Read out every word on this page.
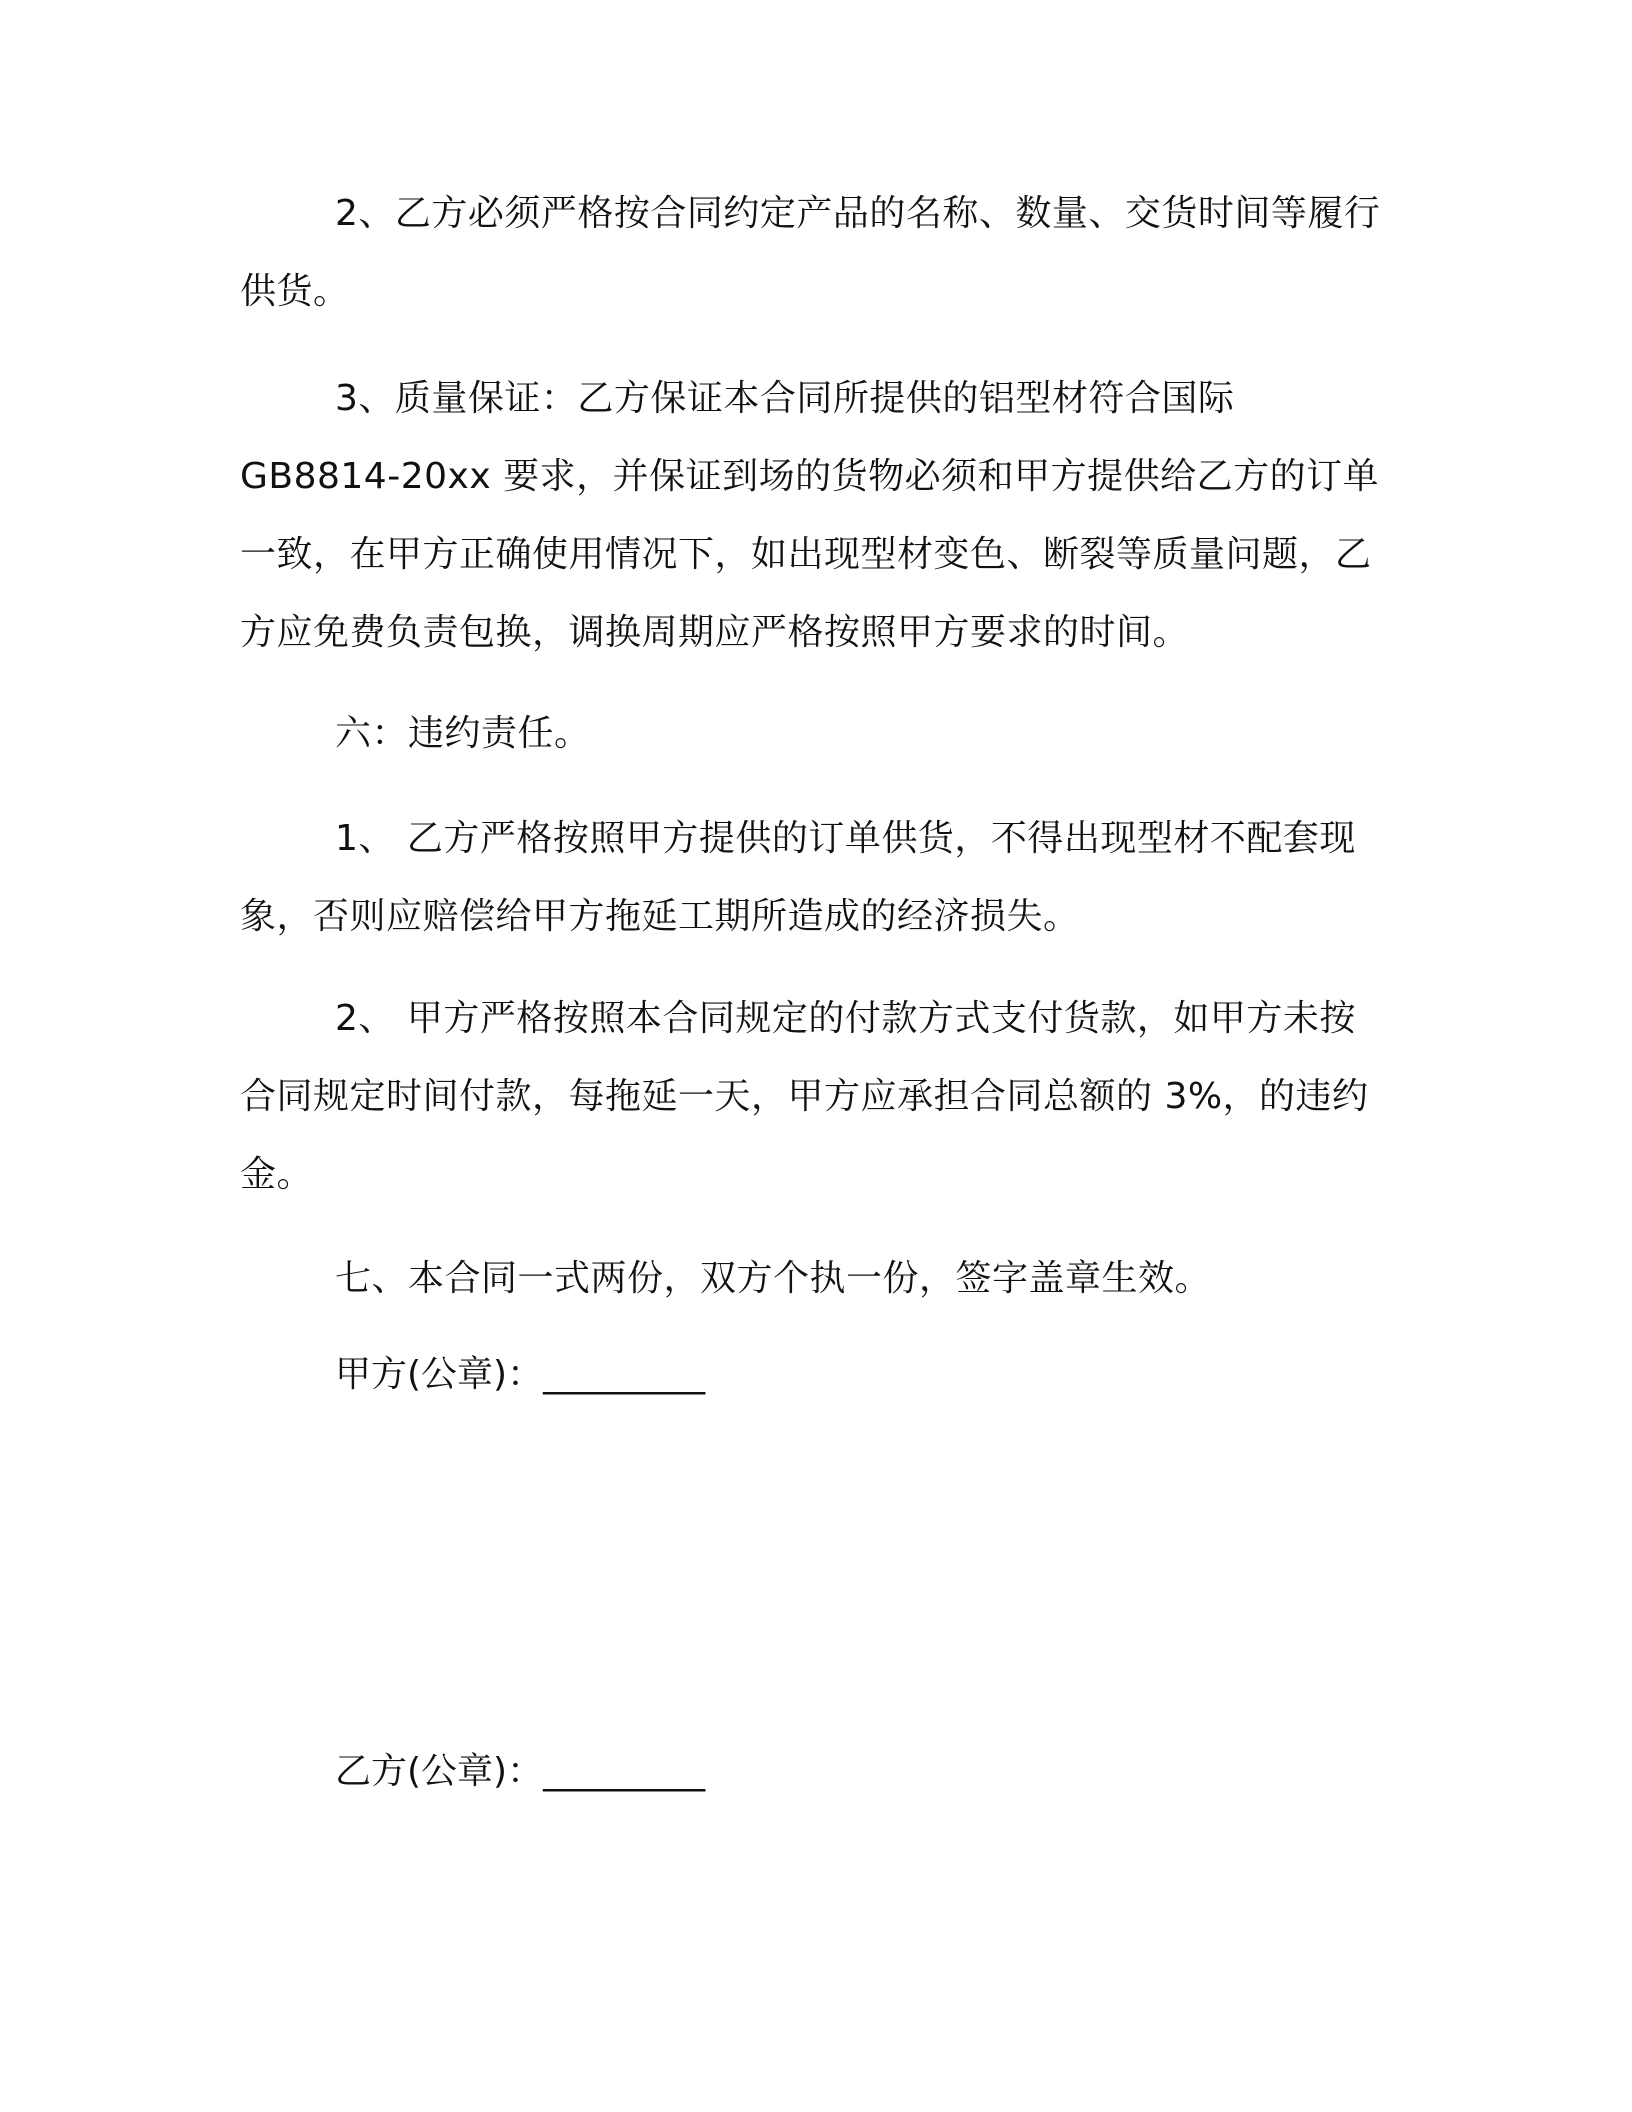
2、乙方必须严格按合同约定产品的名称、数量、交货时间等履行供货。

3、质量保证：乙方保证本合同所提供的铝型材符合国际GB8814-20xx 要求，并保证到场的货物必须和甲方提供给乙方的订单一致，在甲方正确使用情况下，如出现型材变色、断裂等质量问题，乙方应免费负责包换，调换周期应严格按照甲方要求的时间。

六：违约责任。

1、 乙方严格按照甲方提供的订单供货，不得出现型材不配套现象，否则应赔偿给甲方拖延工期所造成的经济损失。

2、 甲方严格按照本合同规定的付款方式支付货款，如甲方未按合同规定时间付款，每拖延一天，甲方应承担合同总额的 3%，的违约金。

七、本合同一式两份，双方个执一份，签字盖章生效。

甲方(公章)：_________

乙方(公章)：_________
